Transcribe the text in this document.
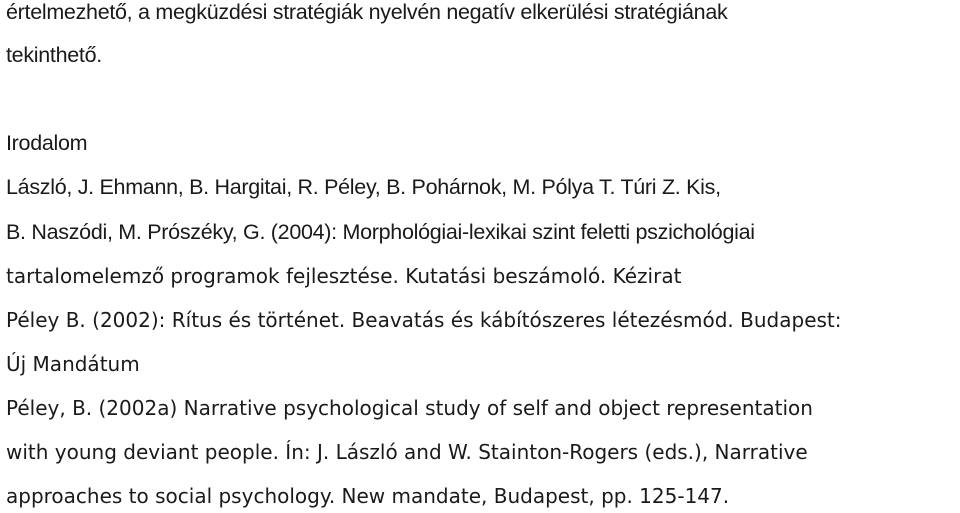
értelmezhető, a megküzdési stratégiák nyelvén negatív elkerülési stratégiának
tekinthető.
Irodalom
László, J. Ehmann, B. Hargitai, R. Péley, B. Pohárnok, M. Pólya T. Túri Z. Kis,
B. Naszódi, M. Prószéky, G. (2004): Morphológiai-lexikai szint feletti pszichológiai
tartalomelemző programok fejlesztése. Kutatási beszámoló. Kézirat
Péley B. (2002): Rítus és történet. Beavatás és kábítószeres létezésmód. Budapest:
Új Mandátum
Péley, B. (2002a) Narrative psychological study of self and object representation
with young deviant people. Ín: J. László and W. Stainton-Rogers (eds.), Narrative
approaches to social psychology. New mandate, Budapest, pp. 125-147.
